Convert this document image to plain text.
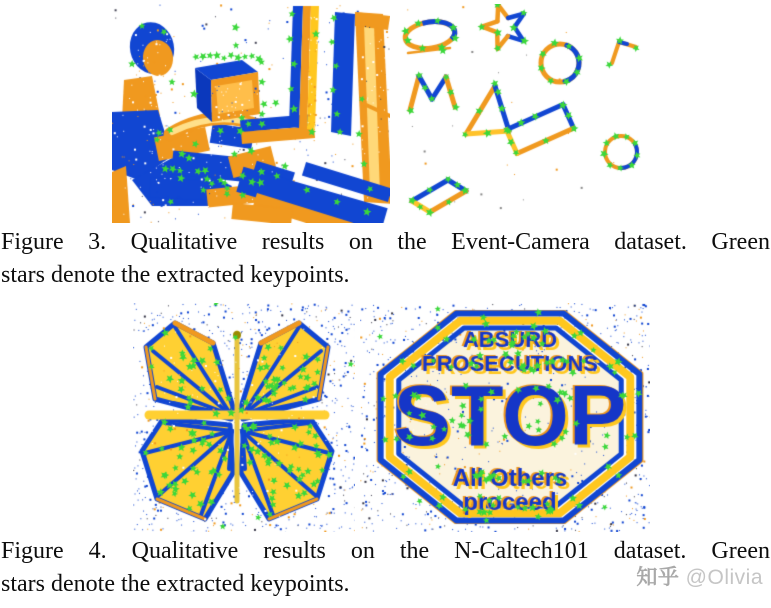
Figure 3. Qualitative results on the Event-Camera dataset. Green
stars denote the extracted keypoints.
Figure 4. Qualitative results on the N-Caltech101 dataset. Green
stars denote the extracted keypoints.	知乎 @Olivia
